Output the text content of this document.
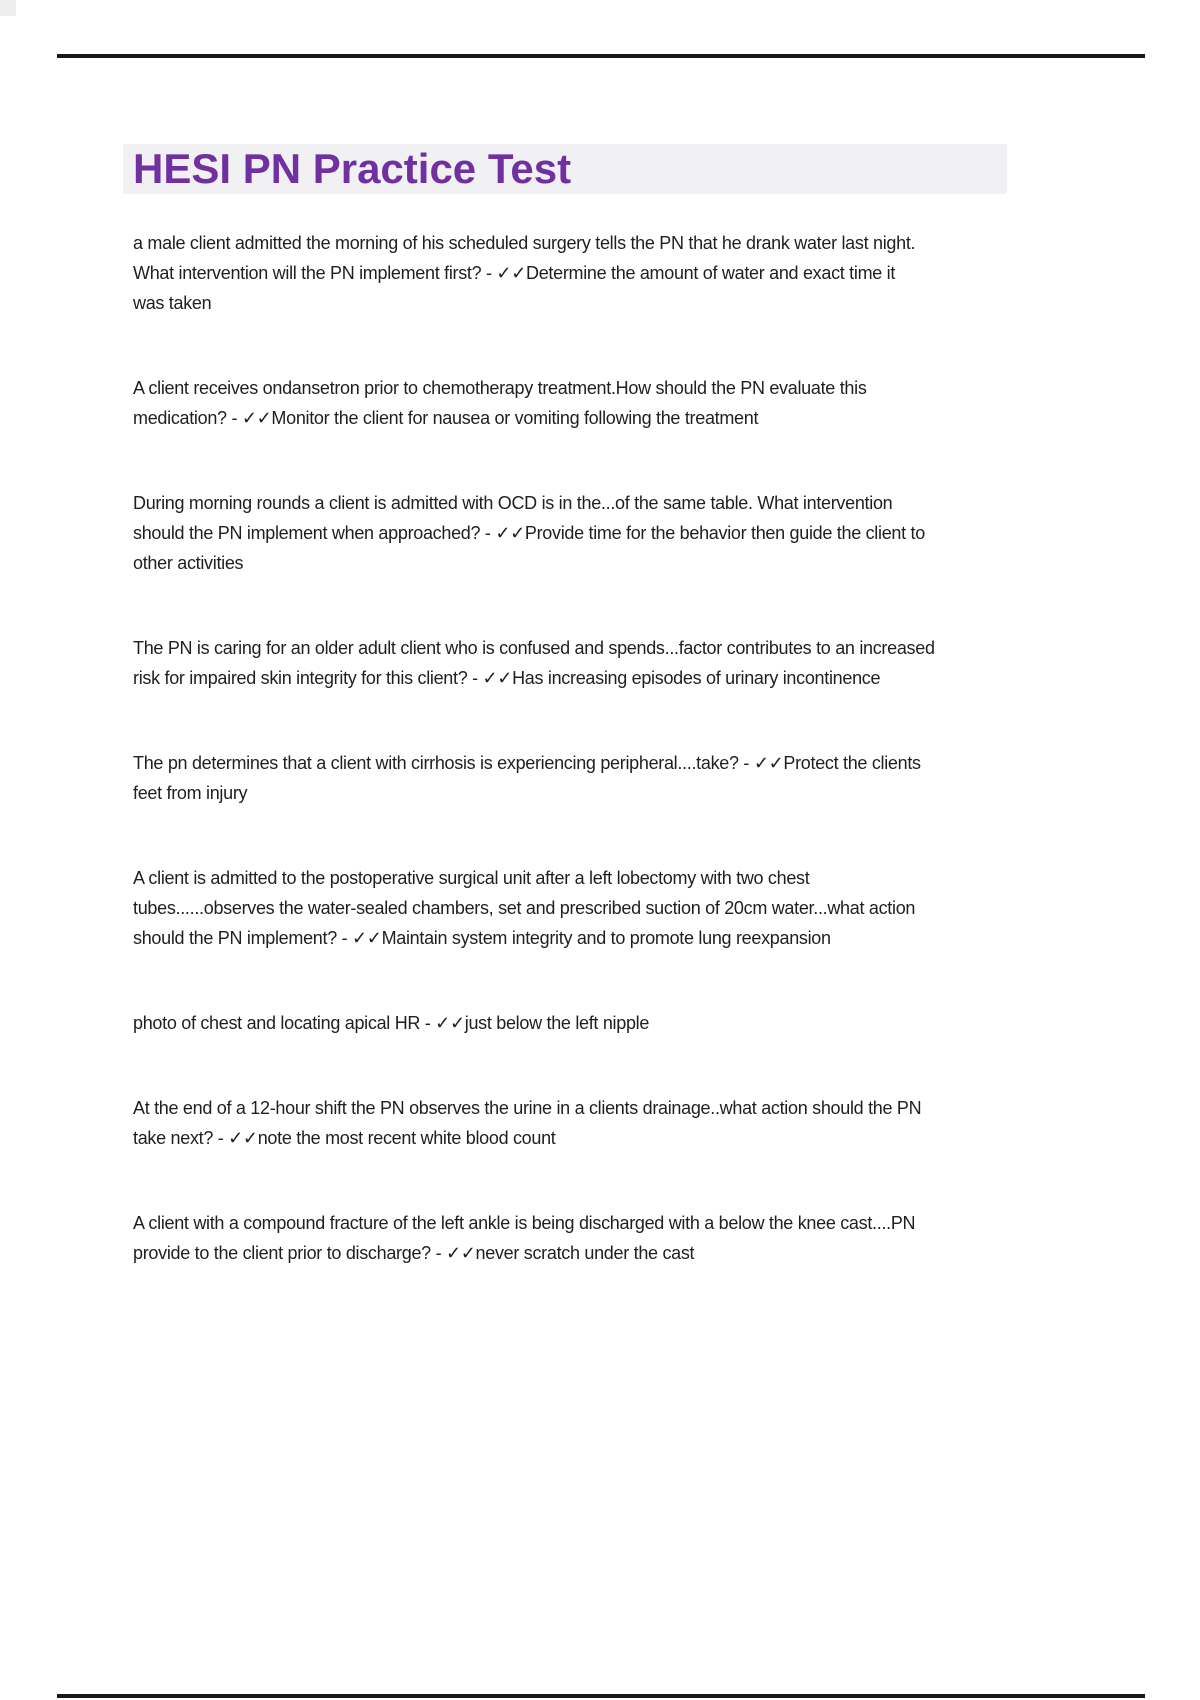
HESI PN Practice Test
a male client admitted the morning of his scheduled surgery tells the PN that he drank water last night.
What intervention will the PN implement first? - ✓✓Determine the amount of water and exact time it
was taken
A client receives ondansetron prior to chemotherapy treatment.How should the PN evaluate this
medication? - ✓✓Monitor the client for nausea or vomiting following the treatment
During morning rounds a client is admitted with OCD is in the...of the same table. What intervention
should the PN implement when approached? - ✓✓Provide time for the behavior then guide the client to
other activities
The PN is caring for an older adult client who is confused and spends...factor contributes to an increased
risk for impaired skin integrity for this client? - ✓✓Has increasing episodes of urinary incontinence
The pn determines that a client with cirrhosis is experiencing peripheral....take? - ✓✓Protect the clients
feet from injury
A client is admitted to the postoperative surgical unit after a left lobectomy with two chest
tubes......observes the water-sealed chambers, set and prescribed suction of 20cm water...what action
should the PN implement? - ✓✓Maintain system integrity and to promote lung reexpansion
photo of chest and locating apical HR - ✓✓just below the left nipple
At the end of a 12-hour shift the PN observes the urine in a clients drainage..what action should the PN
take next? - ✓✓note the most recent white blood count
A client with a compound fracture of the left ankle is being discharged with a below the knee cast....PN
provide to the client prior to discharge? - ✓✓never scratch under the cast
